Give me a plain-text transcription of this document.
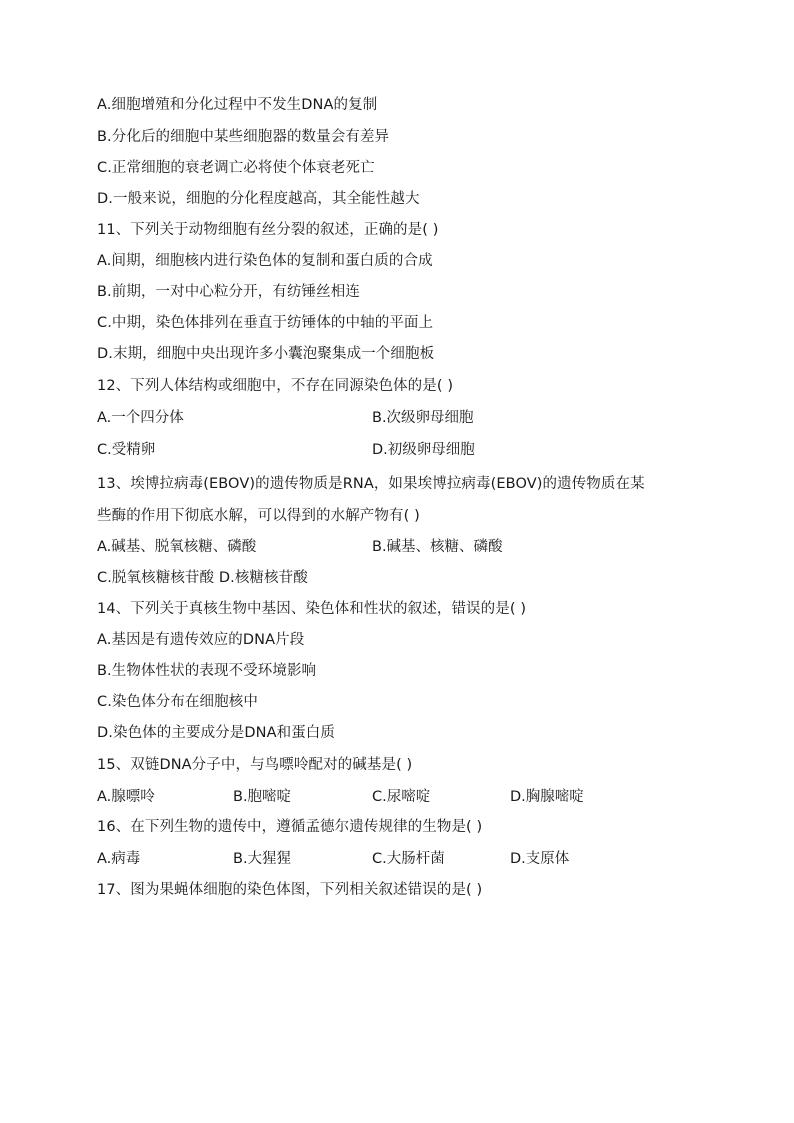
A.细胞增殖和分化过程中不发生DNA的复制
B.分化后的细胞中某些细胞器的数量会有差异
C.正常细胞的衰老调亡必将使个体衰老死亡
D.一般来说，细胞的分化程度越高，其全能性越大
11、下列关于动物细胞有丝分裂的叙述，正确的是( )
A.间期，细胞核内进行染色体的复制和蛋白质的合成
B.前期，一对中心粒分开，有纺锤丝相连
C.中期，染色体排列在垂直于纺锤体的中轴的平面上
D.末期，细胞中央出现许多小囊泡聚集成一个细胞板
12、下列人体结构或细胞中，不存在同源染色体的是( )
A.一个四分体	B.次级卵母细胞
C.受精卵	D.初级卵母细胞
13、埃博拉病毒(EBOV)的遗传物质是RNA，如果埃博拉病毒(EBOV)的遗传物质在某
些酶的作用下彻底水解，可以得到的水解产物有( )
A.碱基、脱氧核糖、磷酸	B.碱基、核糖、磷酸
C.脱氧核糖核苷酸 D.核糖核苷酸
14、下列关于真核生物中基因、染色体和性状的叙述，错误的是( )
A.基因是有遗传效应的DNA片段
B.生物体性状的表现不受环境影响
C.染色体分布在细胞核中
D.染色体的主要成分是DNA和蛋白质
15、双链DNA分子中，与鸟嘌呤配对的碱基是( )
A.腺嘌呤	B.胞嘧啶	C.尿嘧啶	D.胸腺嘧啶
16、在下列生物的遗传中，遵循孟德尔遗传规律的生物是( )
A.病毒	B.大猩猩	C.大肠杆菌	D.支原体
17、图为果蝇体细胞的染色体图，下列相关叙述错误的是( )
